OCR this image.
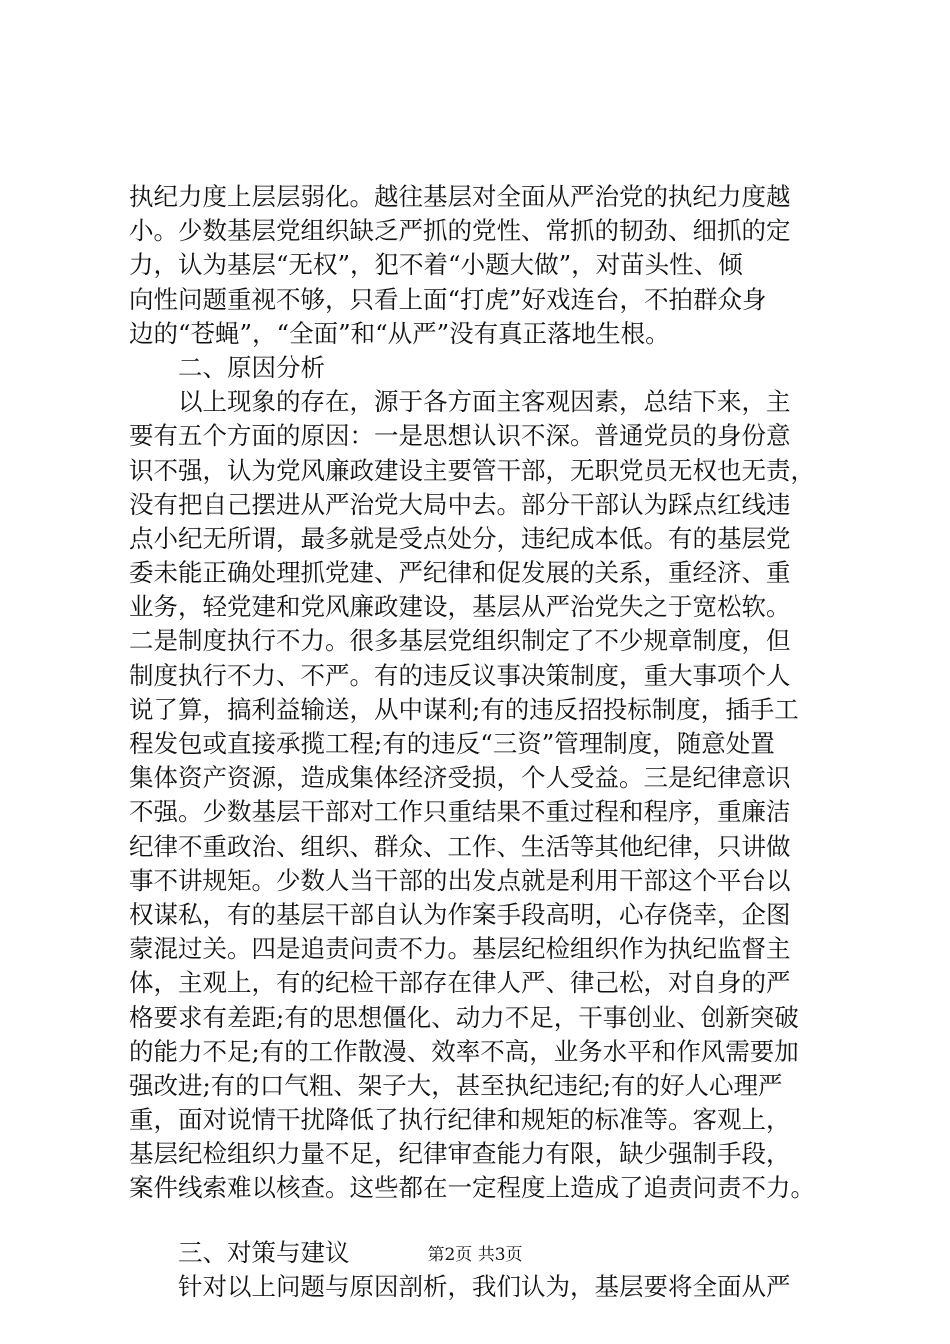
执纪力度上层层弱化。越往基层对全面从严治党的执纪力度越
小。少数基层党组织缺乏严抓的党性、常抓的韧劲、细抓的定
力，认为基层“无权”，犯不着“小题大做”，对苗头性、倾
向性问题重视不够，只看上面“打虎”好戏连台，不拍群众身
边的“苍蝇”，“全面”和“从严”没有真正落地生根。
二、原因分析
以上现象的存在，源于各方面主客观因素，总结下来，主
要有五个方面的原因：一是思想认识不深。普通党员的身份意
识不强，认为党风廉政建设主要管干部，无职党员无权也无责，
没有把自己摆进从严治党大局中去。部分干部认为踩点红线违
点小纪无所谓，最多就是受点处分，违纪成本低。有的基层党
委未能正确处理抓党建、严纪律和促发展的关系，重经济、重
业务，轻党建和党风廉政建设，基层从严治党失之于宽松软。
二是制度执行不力。很多基层党组织制定了不少规章制度，但
制度执行不力、不严。有的违反议事决策制度，重大事项个人
说了算，搞利益输送，从中谋利;有的违反招投标制度，插手工
程发包或直接承揽工程;有的违反“三资”管理制度，随意处置
集体资产资源，造成集体经济受损，个人受益。三是纪律意识
不强。少数基层干部对工作只重结果不重过程和程序，重廉洁
纪律不重政治、组织、群众、工作、生活等其他纪律，只讲做
事不讲规矩。少数人当干部的出发点就是利用干部这个平台以
权谋私，有的基层干部自认为作案手段高明，心存侥幸，企图
蒙混过关。四是追责问责不力。基层纪检组织作为执纪监督主
体，主观上，有的纪检干部存在律人严、律己松，对自身的严
格要求有差距;有的思想僵化、动力不足，干事创业、创新突破
的能力不足;有的工作散漫、效率不高，业务水平和作风需要加
强改进;有的口气粗、架子大，甚至执纪违纪;有的好人心理严
重，面对说情干扰降低了执行纪律和规矩的标准等。客观上，
基层纪检组织力量不足，纪律审查能力有限，缺少强制手段，
案件线索难以核查。这些都在一定程度上造成了追责问责不力。
三、对策与建议
针对以上问题与原因剖析，我们认为，基层要将全面从严
第2页 共3页
